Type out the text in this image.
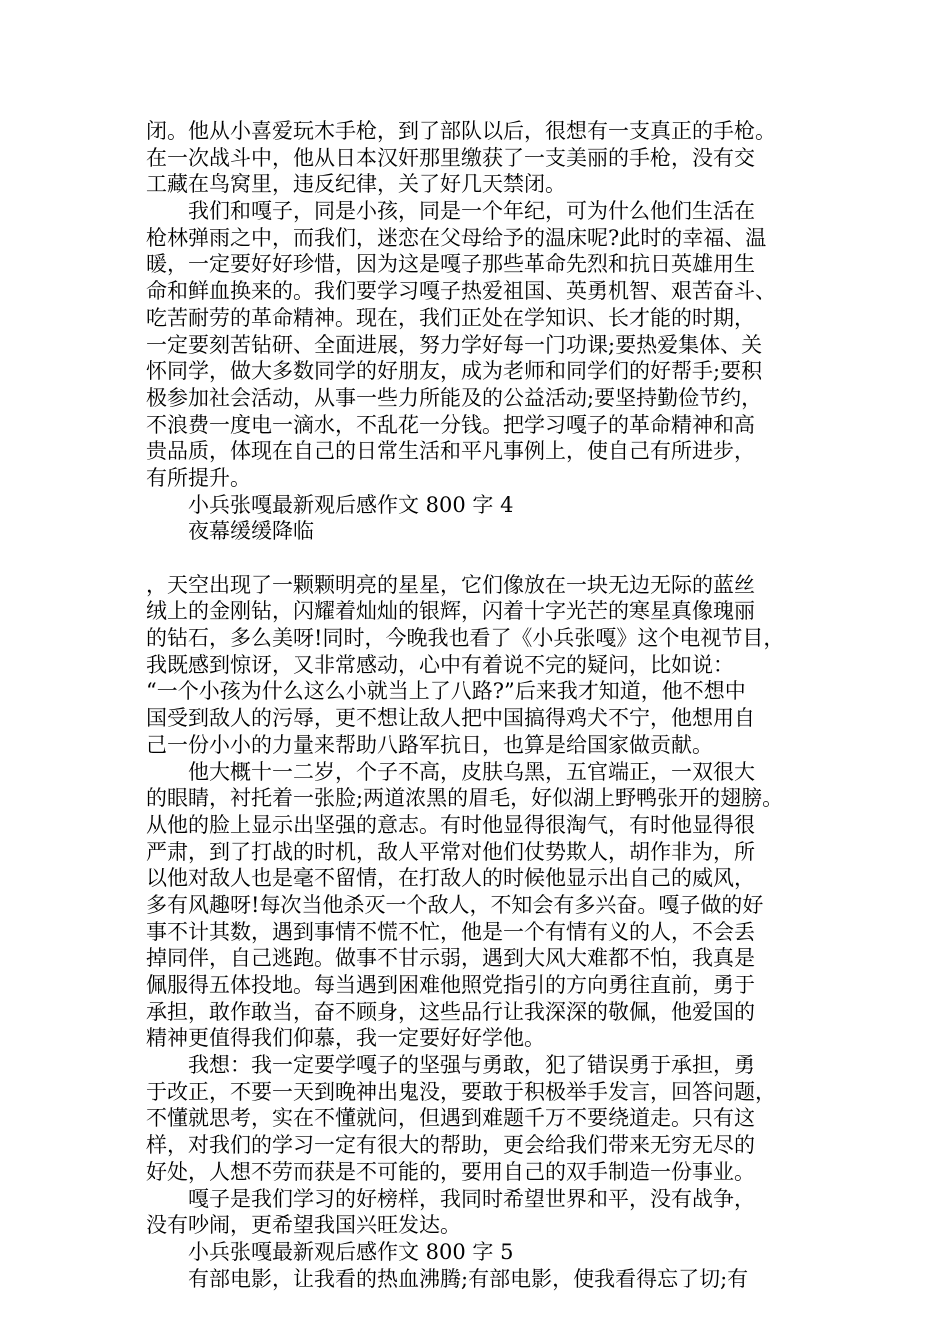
闭。他从小喜爱玩木手枪，到了部队以后，很想有一支真正的手枪。
在一次战斗中，他从日本汉奸那里缴获了一支美丽的手枪，没有交
工藏在鸟窝里，违反纪律，关了好几天禁闭。
　　我们和嘎子，同是小孩，同是一个年纪，可为什么他们生活在
枪林弹雨之中，而我们，迷恋在父母给予的温床呢?此时的幸福、温
暖，一定要好好珍惜，因为这是嘎子那些革命先烈和抗日英雄用生
命和鲜血换来的。我们要学习嘎子热爱祖国、英勇机智、艰苦奋斗、
吃苦耐劳的革命精神。现在，我们正处在学知识、长才能的时期，
一定要刻苦钻研、全面进展，努力学好每一门功课;要热爱集体、关
怀同学，做大多数同学的好朋友，成为老师和同学们的好帮手;要积
极参加社会活动，从事一些力所能及的公益活动;要坚持勤俭节约，
不浪费一度电一滴水，不乱花一分钱。把学习嘎子的革命精神和高
贵品质，体现在自己的日常生活和平凡事例上，使自己有所进步，
有所提升。
　　小兵张嘎最新观后感作文 800 字 4
　　夜幕缓缓降临
，天空出现了一颗颗明亮的星星，它们像放在一块无边无际的蓝丝
绒上的金刚钻，闪耀着灿灿的银辉，闪着十字光芒的寒星真像瑰丽
的钻石，多么美呀!同时，今晚我也看了《小兵张嘎》这个电视节目，
我既感到惊讶，又非常感动，心中有着说不完的疑问，比如说：
“一个小孩为什么这么小就当上了八路?”后来我才知道，他不想中
国受到敌人的污辱，更不想让敌人把中国搞得鸡犬不宁，他想用自
己一份小小的力量来帮助八路军抗日，也算是给国家做贡献。
　　他大概十一二岁，个子不高，皮肤乌黑，五官端正，一双很大
的眼睛，衬托着一张脸;两道浓黑的眉毛，好似湖上野鸭张开的翅膀。
从他的脸上显示出坚强的意志。有时他显得很淘气，有时他显得很
严肃，到了打战的时机，敌人平常对他们仗势欺人，胡作非为，所
以他对敌人也是毫不留情，在打敌人的时候他显示出自己的威风，
多有风趣呀!每次当他杀灭一个敌人，不知会有多兴奋。嘎子做的好
事不计其数，遇到事情不慌不忙，他是一个有情有义的人，不会丢
掉同伴，自己逃跑。做事不甘示弱，遇到大风大难都不怕，我真是
佩服得五体投地。每当遇到困难他照党指引的方向勇往直前，勇于
承担，敢作敢当，奋不顾身，这些品行让我深深的敬佩，他爱国的
精神更值得我们仰慕，我一定要好好学他。
　　我想：我一定要学嘎子的坚强与勇敢，犯了错误勇于承担，勇
于改正，不要一天到晚神出鬼没，要敢于积极举手发言，回答问题，
不懂就思考，实在不懂就问，但遇到难题千万不要绕道走。只有这
样，对我们的学习一定有很大的帮助，更会给我们带来无穷无尽的
好处，人想不劳而获是不可能的，要用自己的双手制造一份事业。
　　嘎子是我们学习的好榜样，我同时希望世界和平，没有战争，
没有吵闹，更希望我国兴旺发达。
　　小兵张嘎最新观后感作文 800 字 5
　　有部电影，让我看的热血沸腾;有部电影，使我看得忘了切;有
